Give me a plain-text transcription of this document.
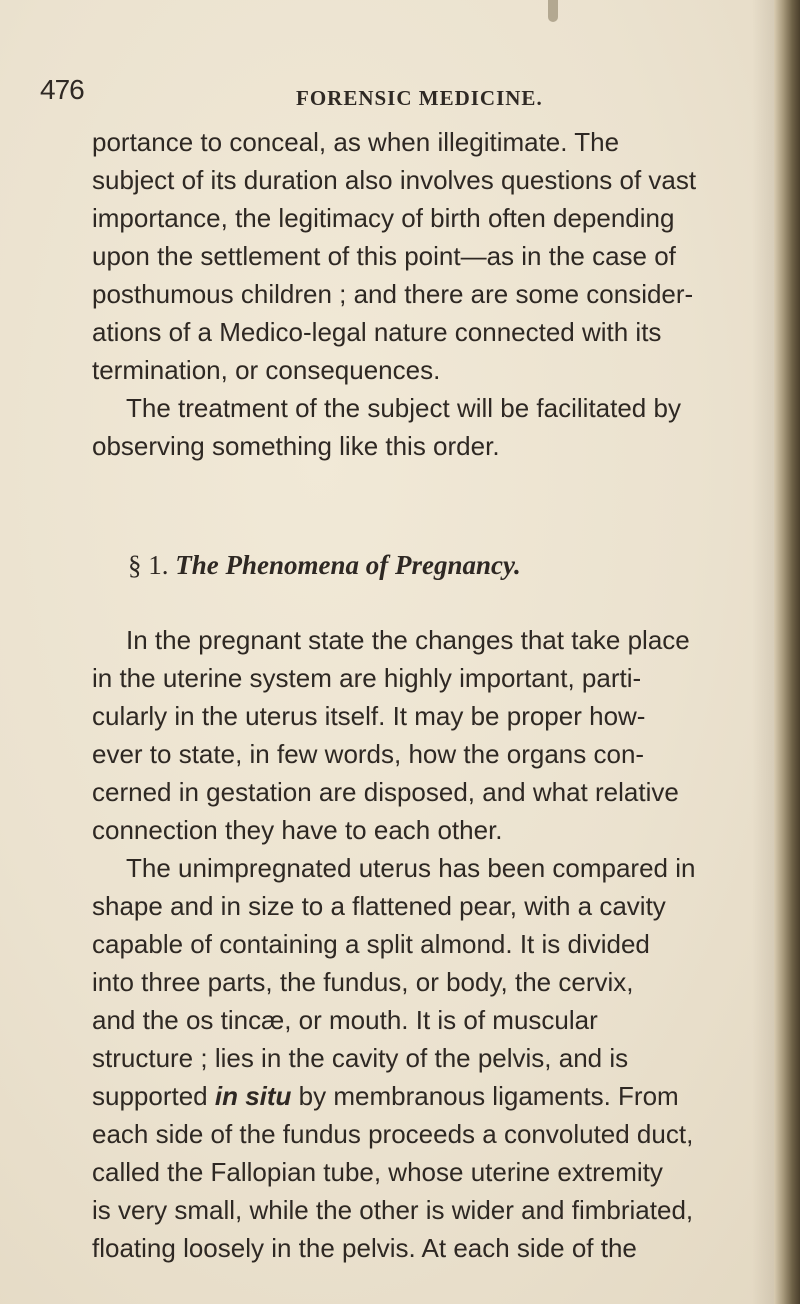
476	FORENSIC MEDICINE.
portance to conceal, as when illegitimate. The
subject of its duration also involves questions of vast
importance, the legitimacy of birth often depending
upon the settlement of this point—as in the case of
posthumous children ; and there are some consider-
ations of a Medico-legal nature connected with its
termination, or consequences.
The treatment of the subject will be facilitated by
observing something like this order.
§ 1. The Phenomena of Pregnancy.
In the pregnant state the changes that take place
in the uterine system are highly important, parti-
cularly in the uterus itself. It may be proper how-
ever to state, in few words, how the organs con-
cerned in gestation are disposed, and what relative
connection they have to each other.
The unimpregnated uterus has been compared in
shape and in size to a flattened pear, with a cavity
capable of containing a split almond. It is divided
into three parts, the fundus, or body, the cervix,
and the os tincæ, or mouth. It is of muscular
structure ; lies in the cavity of the pelvis, and is
supported in situ by membranous ligaments. From
each side of the fundus proceeds a convoluted duct,
called the Fallopian tube, whose uterine extremity
is very small, while the other is wider and fimbriated,
floating loosely in the pelvis. At each side of the
